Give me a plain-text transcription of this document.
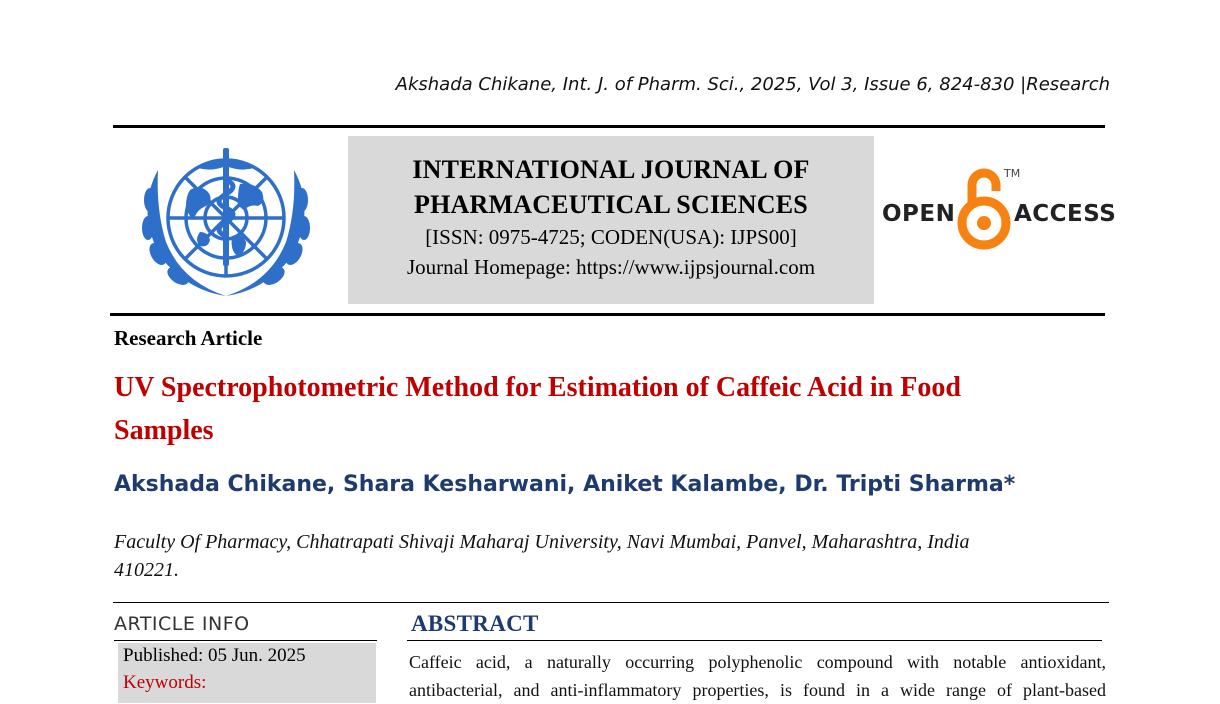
Akshada Chikane, Int. J. of Pharm. Sci., 2025, Vol 3, Issue 6, 824-830 |Research
INTERNATIONAL JOURNAL OF
PHARMACEUTICAL SCIENCES
[ISSN: 0975-4725; CODEN(USA): IJPS00]
Journal Homepage: https://www.ijpsjournal.com
OPEN
TM
ACCESS
Research Article
UV Spectrophotometric Method for Estimation of Caffeic Acid in Food
Samples
Akshada Chikane, Shara Kesharwani, Aniket Kalambe, Dr. Tripti Sharma*
Faculty Of Pharmacy, Chhatrapati Shivaji Maharaj University, Navi Mumbai, Panvel, Maharashtra, India
410221.
ARTICLE INFO
Published: 05 Jun. 2025
Keywords:
ABSTRACT
Caffeic acid, a naturally occurring polyphenolic compound with notable antioxidant,
antibacterial, and anti-inflammatory properties, is found in a wide range of plant-based
